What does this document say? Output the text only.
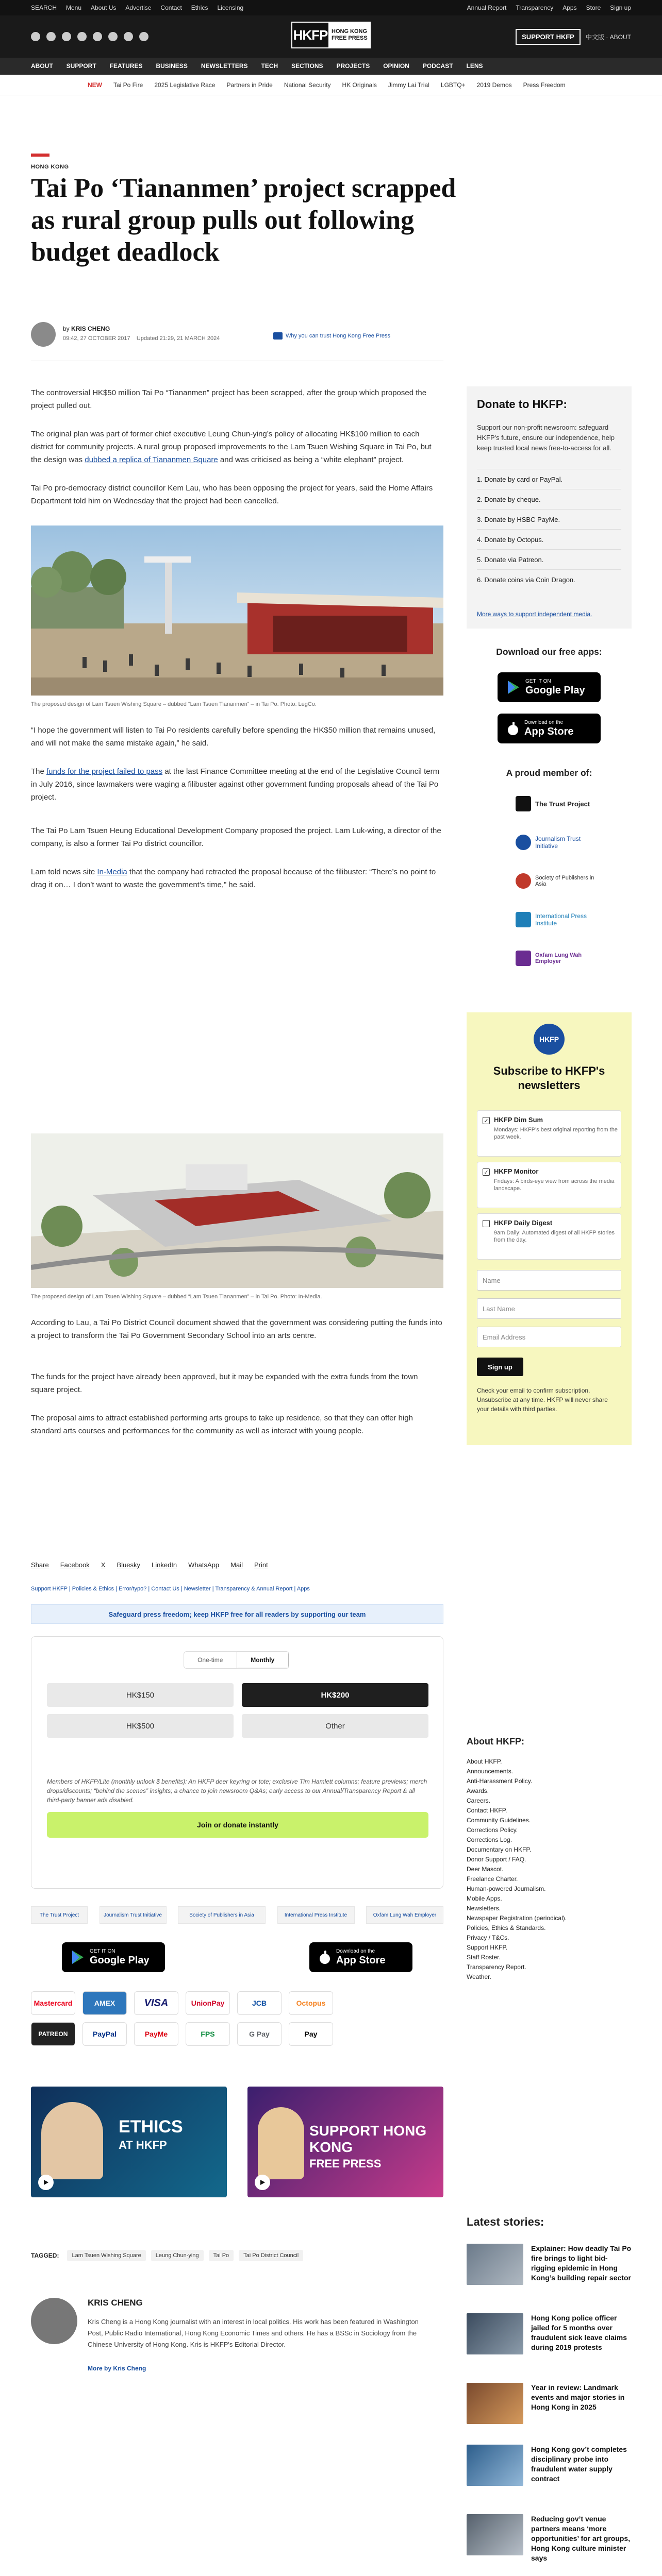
SEARCH Menu About Us Advertise Contact Ethics Licensing	Annual Report Transparency Apps Store Sign up
HKFP HONG KONG
FREE PRESS	SUPPORT HKFP	中文版 · ABOUT
ABOUT SUPPORT FEATURES BUSINESS NEWSLETTERS TECH SECTIONS PROJECTS OPINION PODCAST LENS
NEW Tai Po Fire 2025 Legislative Race Partners in Pride National Security HK Originals Jimmy Lai Trial LGBTQ+ 2019 Demos Press Freedom
HONG KONG
Tai Po ‘Tiananmen’ project scrapped as rural group pulls out following budget deadlock
by KRIS CHENG
09:42, 27 OCTOBER 2017 Updated 21:29, 21 MARCH 2024	Why you can trust Hong Kong Free Press

The controversial HK$50 million Tai Po “Tiananmen” project has been scrapped, after the group which proposed the project pulled out.

The original plan was part of former chief executive Leung Chun-ying’s policy of allocating HK$100 million to each district for community projects. A rural group proposed improvements to the Lam Tsuen Wishing Square in Tai Po, but the design was dubbed a replica of Tiananmen Square and was criticised as being a “white elephant” project.

Tai Po pro-democracy district councillor Kem Lau, who has been opposing the project for years, said the Home Affairs Department told him on Wednesday that the project had been cancelled.

The proposed design of Lam Tsuen Wishing Square – dubbed “Lam Tsuen Tiananmen” – in Tai Po. Photo: LegCo.

“I hope the government will listen to Tai Po residents carefully before spending the HK$50 million that remains unused, and will not make the same mistake again,” he said.

The funds for the project failed to pass at the last Finance Committee meeting at the end of the Legislative Council term in July 2016, since lawmakers were waging a filibuster against other government funding proposals ahead of the Tai Po project.

The Tai Po Lam Tsuen Heung Educational Development Company proposed the project. Lam Luk-wing, a director of the company, is also a former Tai Po district councillor.

Lam told news site In-Media that the company had retracted the proposal because of the filibuster: “There’s no point to drag it on… I don’t want to waste the government’s time,” he said.

The proposed design of Lam Tsuen Wishing Square – dubbed “Lam Tsuen Tiananmen” – in Tai Po. Photo: In-Media.

According to Lau, a Tai Po District Council document showed that the government was considering putting the funds into a project to transform the Tai Po Government Secondary School into an arts centre.

The funds for the project have already been approved, but it may be expanded with the extra funds from the town square project.

The proposal aims to attract established performing arts groups to take up residence, so that they can offer high standard arts courses and performances for the community as well as interact with young people.

Share Facebook X Bluesky LinkedIn WhatsApp Mail Print
Support HKFP | Policies & Ethics | Error/typo? | Contact Us | Newsletter | Transparency & Annual Report | Apps
Safeguard press freedom; keep HKFP free for all readers by supporting our team
One-time	Monthly
HK$150	HK$200
HK$500	Other
Members of HKFP/Lite (monthly unlock $ benefits): An HKFP deer keyring or tote; exclusive Tim Hamlett columns; feature previews; merch drops/discounts; “behind the scenes” insights; a chance to join newsroom Q&As; early access to our Annual/Transparency Report & all third-party banner ads disabled.
Join or donate instantly
The Trust Project	Journalism Trust Initiative	Society of Publishers in Asia	International Press Institute	Oxfam Lung Wah Employer
GET IT ON
Google Play
Download on the
App Store
Mastercard	AMEX	VISA	UnionPay	JCB	Octopus
PATREON	PayPal	PayMe	FPS	G Pay	Pay
ETHICS
AT HKFP
SUPPORT HONG KONG
FREE PRESS
TAGGED:	Lam Tsuen Wishing Square	Leung Chun-ying	Tai Po	Tai Po District Council
KRIS CHENG
Kris Cheng is a Hong Kong journalist with an interest in local politics. His work has been featured in Washington Post, Public Radio International, Hong Kong Economic Times and others. He has a BSSc in Sociology from the Chinese University of Hong Kong. Kris is HKFP's Editorial Director.
More by Kris Cheng
Donate to HKFP:
Support our non-profit newsroom: safeguard HKFP's future, ensure our independence, help keep trusted local news free-to-access for all.
1. Donate by card or PayPal.
2. Donate by cheque.
3. Donate by HSBC PayMe.
4. Donate by Octopus.
5. Donate via Patreon.
6. Donate coins via Coin Dragon.
More ways to support independent media.
Download our free apps:
GET IT ON
Google Play
Download on the
App Store
A proud member of:
The Trust Project
Journalism Trust Initiative
Society of Publishers in Asia
International Press Institute
Oxfam Lung Wah Employer
HKFP
Subscribe to HKFP's newsletters
✓ HKFP Dim Sum
Mondays: HKFP's best original reporting from the past week.
✓ HKFP Monitor
Fridays: A birds-eye view from across the media landscape.
HKFP Daily Digest
9am Daily: Automated digest of all HKFP stories from the day.
Name
Last Name
Email Address
Sign up
Check your email to confirm subscription. Unsubscribe at any time. HKFP will never share your details with third parties.
About HKFP:
About HKFP.
Announcements.
Anti-Harassment Policy.
Awards.
Careers.
Contact HKFP.
Community Guidelines.
Corrections Policy.
Corrections Log.
Documentary on HKFP.
Donor Support / FAQ.
Deer Mascot.
Freelance Charter.
Human-powered Journalism.
Mobile Apps.
Newsletters.
Newspaper Registration (periodical).
Policies, Ethics & Standards.
Privacy / T&Cs.
Support HKFP.
Staff Roster.
Transparency Report.
Weather.
Latest stories:
Explainer: How deadly Tai Po fire brings to light bid-rigging epidemic in Hong Kong’s building repair sector
Hong Kong police officer jailed for 5 months over fraudulent sick leave claims during 2019 protests
Year in review: Landmark events and major stories in Hong Kong in 2025
Hong Kong gov’t completes disciplinary probe into fraudulent water supply contract
Reducing gov’t venue partners means ‘more opportunities’ for art groups, Hong Kong culture minister says
